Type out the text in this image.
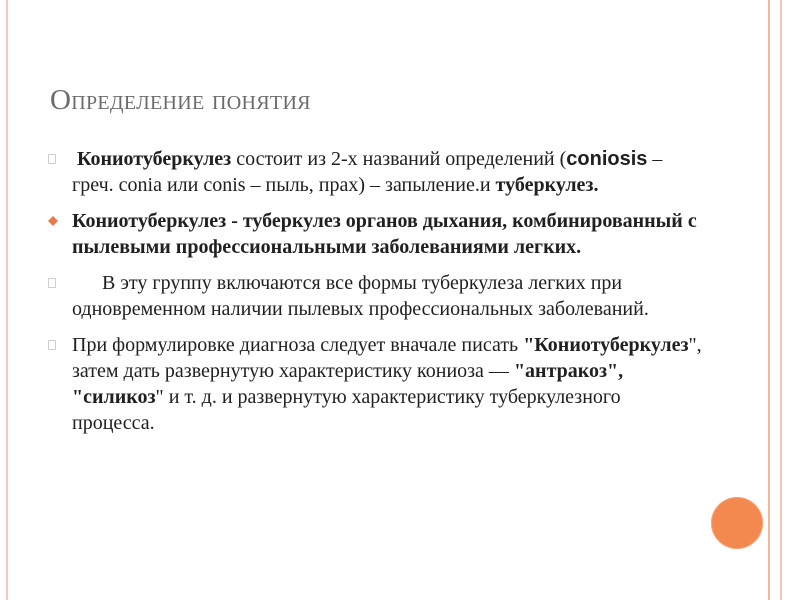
Определение понятия
Кониотуберкулез состоит из 2-х названий определений (coniosis – греч. conia или conis – пыль, прах) – запыление.и туберкулез.
Кониотуберкулез - туберкулез органов дыхания, комбинированный с пылевыми профессиональными заболеваниями легких.
В эту группу включаются все формы туберкулеза легких при одновременном наличии пылевых профессиональных заболеваний.
При формулировке диагноза следует вначале писать "Кониотуберкулез", затем дать развернутую характеристику кониоза — "антракоз", "силикоз" и т. д. и развернутую характеристику туберкулезного процесса.
